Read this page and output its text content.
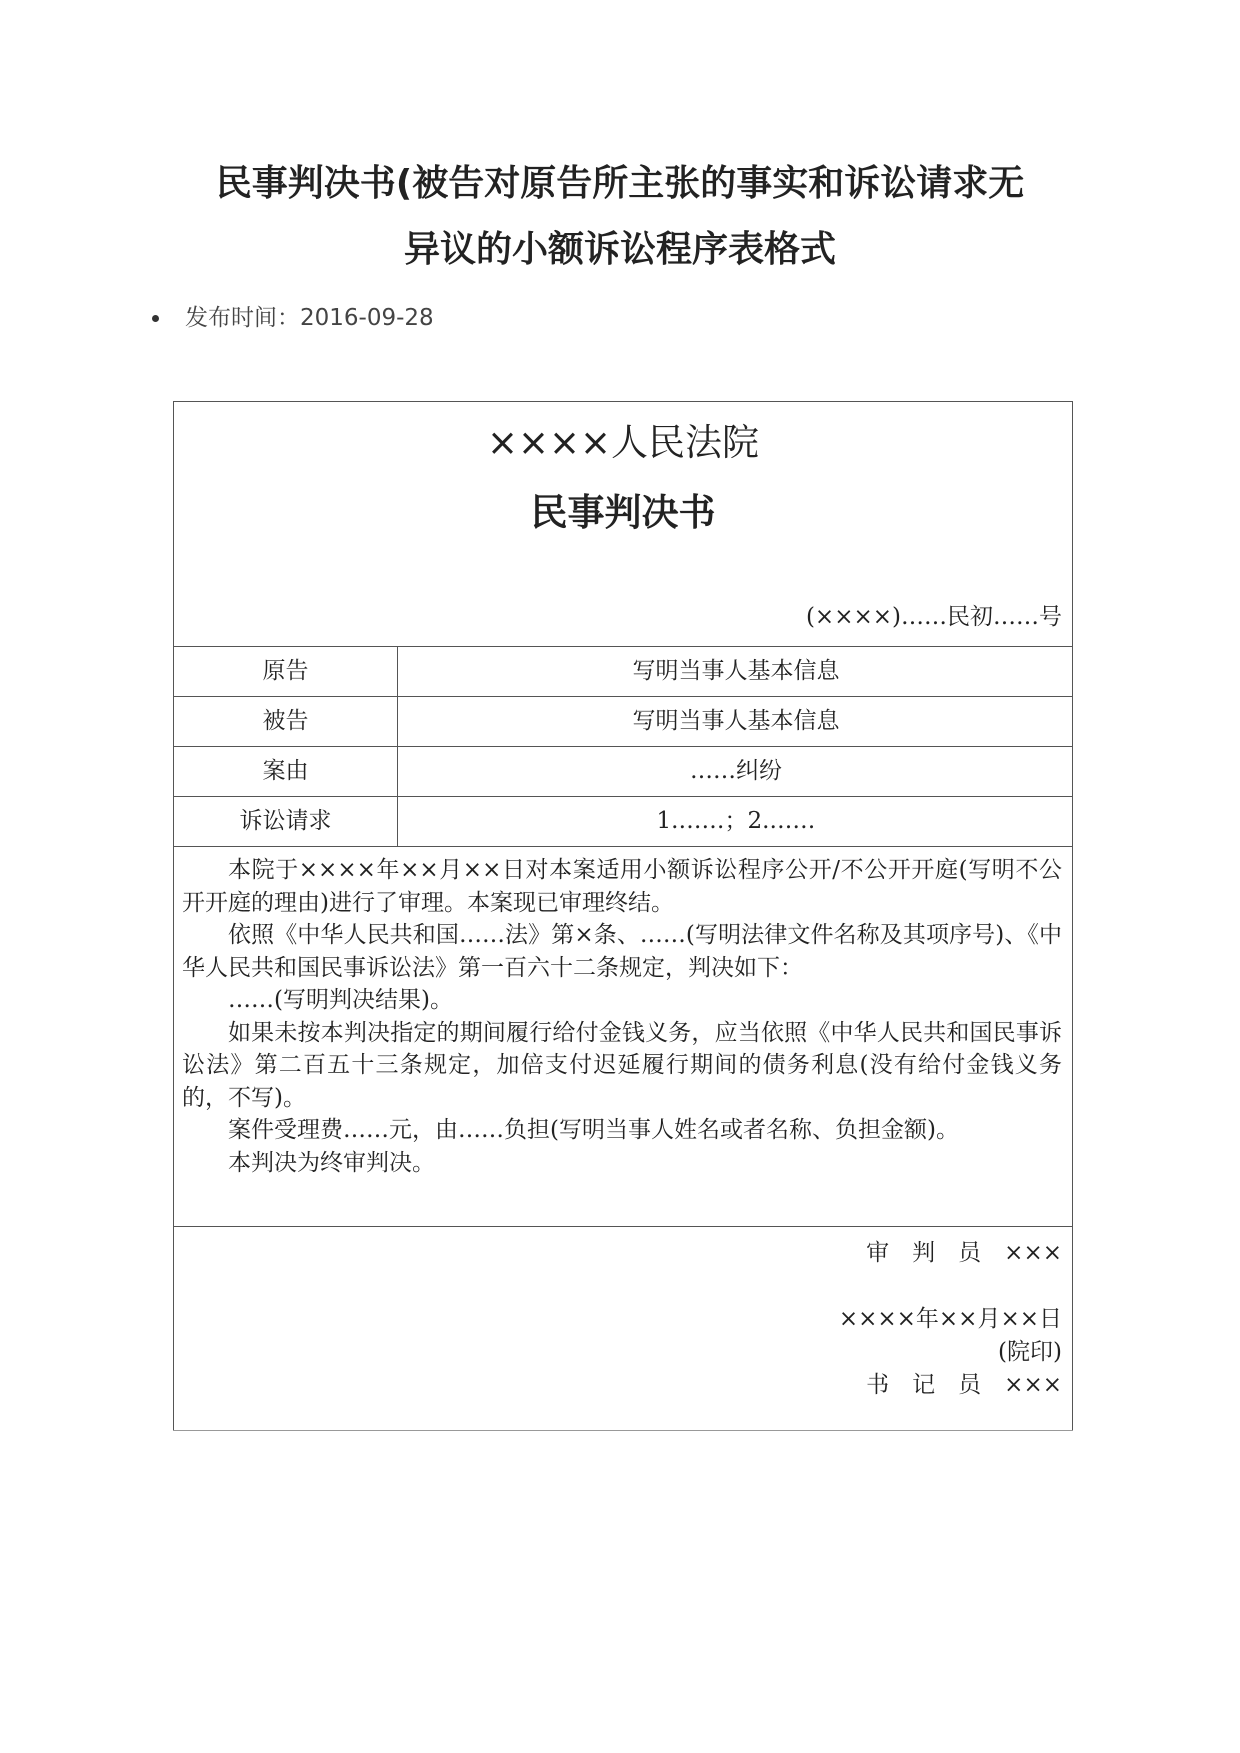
民事判决书(被告对原告所主张的事实和诉讼请求无
异议的小额诉讼程序表格式
发布时间：2016-09-28
××××人民法院
民事判决书
(××××)……民初……号
原告	写明当事人基本信息
被告	写明当事人基本信息
案由	……纠纷
诉讼请求	1.……；2.……

本院于××××年××月××日对本案适用小额诉讼程序公开/不公开开庭(写明不公开开庭的理由)进行了审理。本案现已审理终结。

依照《中华人民共和国……法》第×条、……(写明法律文件名称及其项序号)、《中华人民共和国民事诉讼法》第一百六十二条规定，判决如下：

……(写明判决结果)。

如果未按本判决指定的期间履行给付金钱义务，应当依照《中华人民共和国民事诉讼法》第二百五十三条规定，加倍支付迟延履行期间的债务利息(没有给付金钱义务的，不写)。

案件受理费……元，由……负担(写明当事人姓名或者名称、负担金额)。

本判决为终审判决。

审　判　员　×××
××××年××月××日
(院印)
书　记　员　×××
